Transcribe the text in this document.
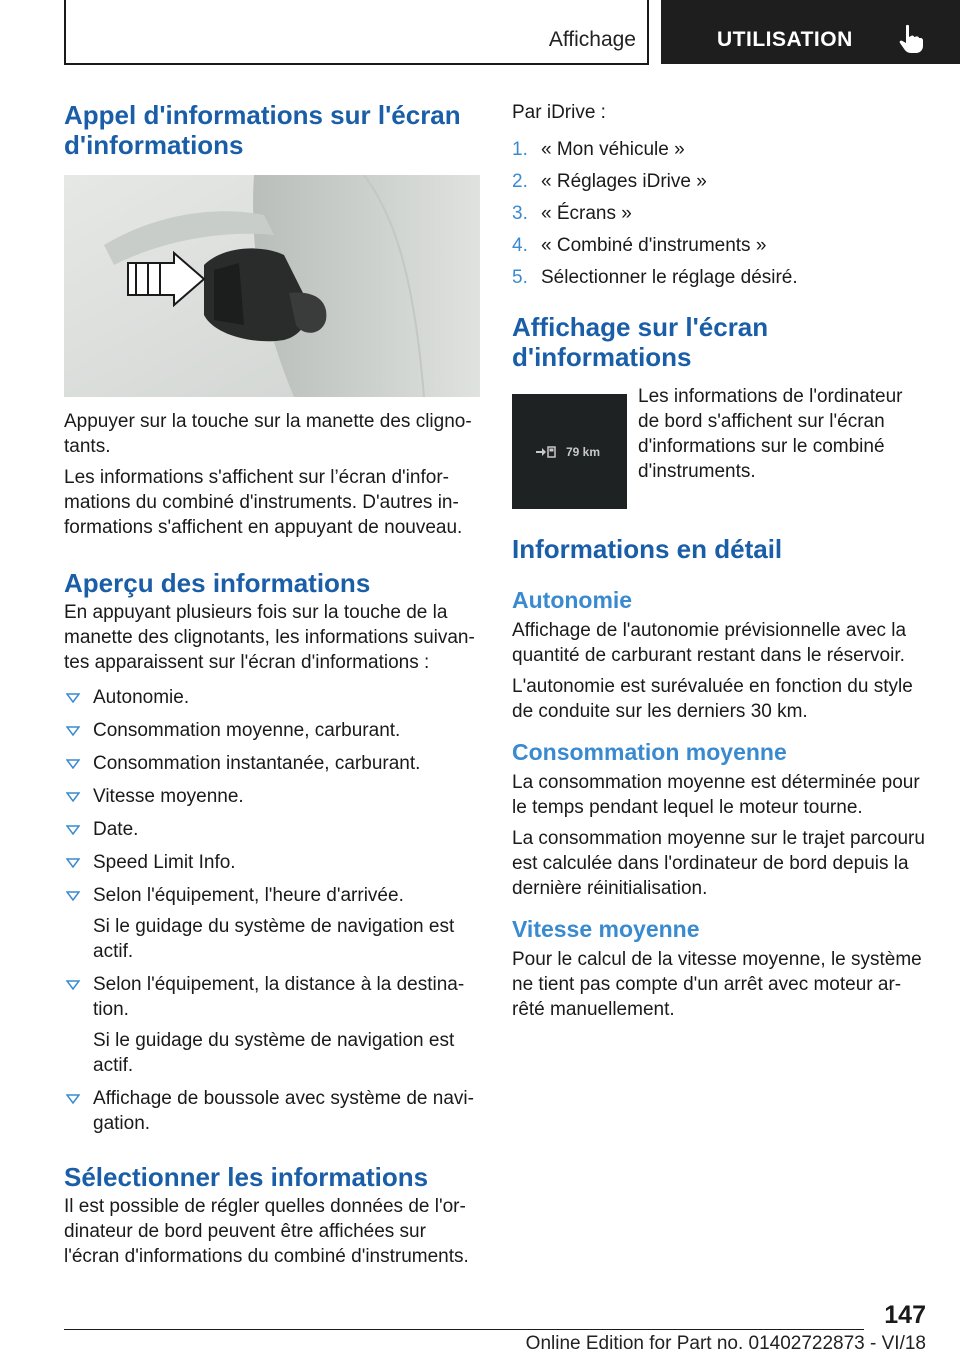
Affichage	UTILISATION
Appel d'informations sur l'écran d'informations

Appuyer sur la touche sur la manette des cligno-tants.

Les informations s'affichent sur l’écran d'infor-mations du combiné d'instruments. D'autres in-formations s'affichent en appuyant de nouveau.

Aperçu des informations

En appuyant plusieurs fois sur la touche de la manette des clignotants, les informations suivan-tes apparaissent sur l'écran d'informations :

Autonomie.
Consommation moyenne, carburant.
Consommation instantanée, carburant.
Vitesse moyenne.
Date.
Speed Limit Info.
Selon l'équipement, l'heure d'arrivée.
Si le guidage du système de navigation est actif.
Selon l'équipement, la distance à la destina-tion.
Si le guidage du système de navigation est actif.
Affichage de boussole avec système de navi-gation.
Sélectionner les informations

Il est possible de régler quelles données de l'or-dinateur de bord peuvent être affichées sur l'écran d'informations du combiné d'instruments.

Par iDrive :

1. « Mon véhicule »
2. « Réglages iDrive »
3. « Écrans »
4. « Combiné d'instruments »
5. Sélectionner le réglage désiré.
Affichage sur l'écran d'informations
79 km
Les informations de l'ordinateur de bord s'affichent sur l'écran d'informations sur le combiné d'instruments.
Informations en détail
Autonomie

Affichage de l'autonomie prévisionnelle avec la quantité de carburant restant dans le réservoir.

L'autonomie est surévaluée en fonction du style de conduite sur les derniers 30 km.

Consommation moyenne

La consommation moyenne est déterminée pour le temps pendant lequel le moteur tourne.

La consommation moyenne sur le trajet parcouru est calculée dans l'ordinateur de bord depuis la dernière réinitialisation.

Vitesse moyenne

Pour le calcul de la vitesse moyenne, le système ne tient pas compte d'un arrêt avec moteur ar-rêté manuellement.

147
Online Edition for Part no. 01402722873 - VI/18
